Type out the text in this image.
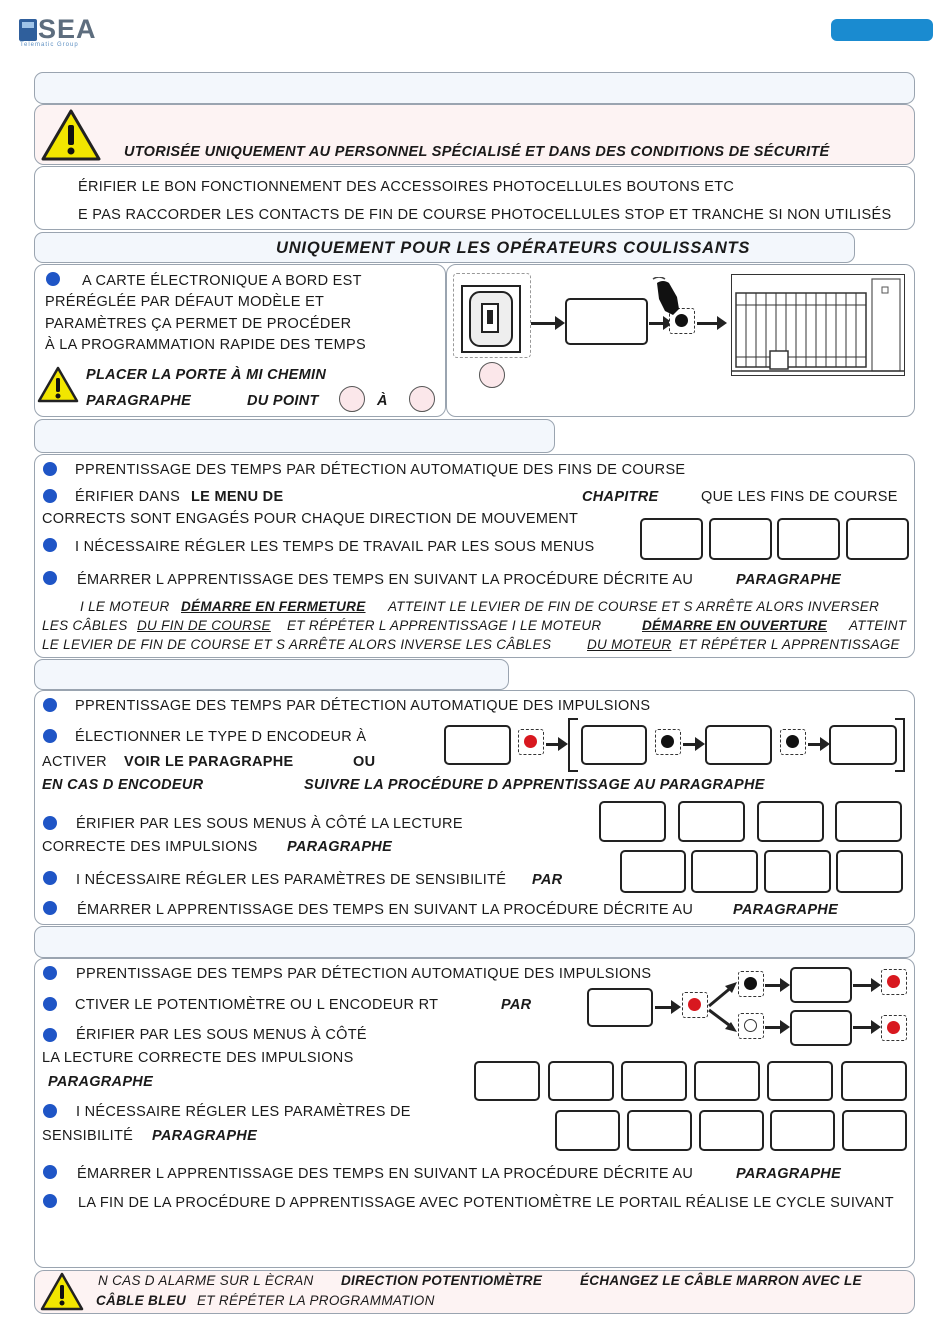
SEA
Telematic Group
UTORISÉE UNIQUEMENT AU PERSONNEL SPÉCIALISÉ ET DANS DES CONDITIONS DE SÉCURITÉ
ÉRIFIER LE BON FONCTIONNEMENT DES ACCESSOIRES PHOTOCELLULES BOUTONS ETC
E PAS RACCORDER LES CONTACTS DE FIN DE COURSE PHOTOCELLULES STOP ET TRANCHE SI NON UTILISÉS
UNIQUEMENT POUR LES OPÉRATEURS COULISSANTS
A CARTE ÉLECTRONIQUE A BORD EST
PRÉRÉGLÉE PAR DÉFAUT MODÈLE ET
PARAMÈTRES ÇA PERMET DE PROCÉDER
À LA PROGRAMMATION RAPIDE DES TEMPS
PLACER LA PORTE À MI CHEMIN
PARAGRAPHE	DU POINT	À
PPRENTISSAGE DES TEMPS PAR DÉTECTION AUTOMATIQUE DES FINS DE COURSE
ÉRIFIER DANS LE MENU DE	CHAPITRE	QUE LES FINS DE COURSE
CORRECTS SONT ENGAGÉS POUR CHAQUE DIRECTION DE MOUVEMENT
I NÉCESSAIRE RÉGLER LES TEMPS DE TRAVAIL PAR LES SOUS MENUS
ÉMARRER L APPRENTISSAGE DES TEMPS EN SUIVANT LA PROCÉDURE DÉCRITE AU	PARAGRAPHE
I LE MOTEUR DÉMARRE EN FERMETURE ATTEINT LE LEVIER DE FIN DE COURSE ET S ARRÊTE ALORS INVERSER
LES CÂBLES DU FIN DE COURSE ET RÉPÉTER L APPRENTISSAGE I LE MOTEUR	DÉMARRE EN OUVERTURE ATTEINT
LE LEVIER DE FIN DE COURSE ET S ARRÊTE ALORS INVERSE LES CÂBLES	DU MOTEUR ET RÉPÉTER L APPRENTISSAGE
PPRENTISSAGE DES TEMPS PAR DÉTECTION AUTOMATIQUE DES IMPULSIONS
ÉLECTIONNER LE TYPE D ENCODEUR À
ACTIVER VOIR LE PARAGRAPHE	OU
EN CAS D ENCODEUR	SUIVRE LA PROCÉDURE D APPRENTISSAGE AU PARAGRAPHE
ÉRIFIER PAR LES SOUS MENUS À CÔTÉ LA LECTURE
CORRECTE DES IMPULSIONS PARAGRAPHE
I NÉCESSAIRE RÉGLER LES PARAMÈTRES DE SENSIBILITÉ PAR
ÉMARRER L APPRENTISSAGE DES TEMPS EN SUIVANT LA PROCÉDURE DÉCRITE AU	PARAGRAPHE
PPRENTISSAGE DES TEMPS PAR DÉTECTION AUTOMATIQUE DES IMPULSIONS
CTIVER LE POTENTIOMÈTRE OU L ENCODEUR RT	PAR
ÉRIFIER PAR LES SOUS MENUS À CÔTÉ
LA LECTURE CORRECTE DES IMPULSIONS
PARAGRAPHE
I NÉCESSAIRE RÉGLER LES PARAMÈTRES DE
SENSIBILITÉ PARAGRAPHE
ÉMARRER L APPRENTISSAGE DES TEMPS EN SUIVANT LA PROCÉDURE DÉCRITE AU	PARAGRAPHE
LA FIN DE LA PROCÉDURE D APPRENTISSAGE AVEC POTENTIOMÈTRE LE PORTAIL RÉALISE LE CYCLE SUIVANT
N CAS D ALARME SUR L ÈCRAN DIRECTION POTENTIOMÈTRE	ÉCHANGEZ LE CÂBLE MARRON AVEC LE
CÂBLE BLEU ET RÉPÉTER LA PROGRAMMATION
